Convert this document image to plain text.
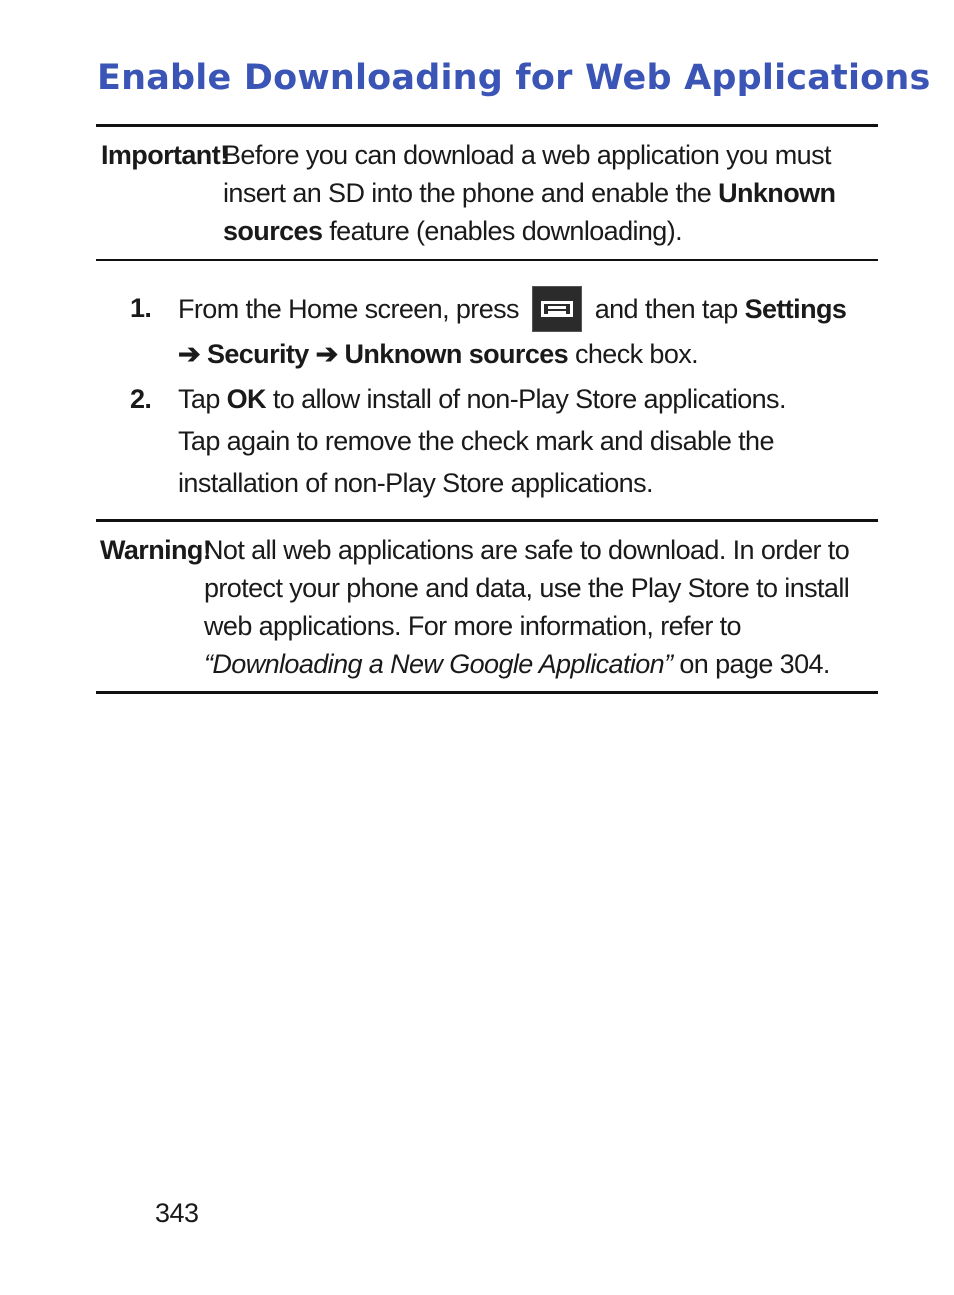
Enable Downloading for Web Applications
Important!
Before you can download a web application you must insert an SD into the phone and enable the Unknown sources feature (enables downloading).
1. From the Home screen, press
and then tap Settings ➔ Security ➔ Unknown sources check box.
2. Tap OK to allow install of non-Play Store applications.
Tap again to remove the check mark and disable the installation of non-Play Store applications.
Warning!
Not all web applications are safe to download. In order to protect your phone and data, use the Play Store to install web applications. For more information, refer to
“Downloading a New Google Application” on page 304.
343
